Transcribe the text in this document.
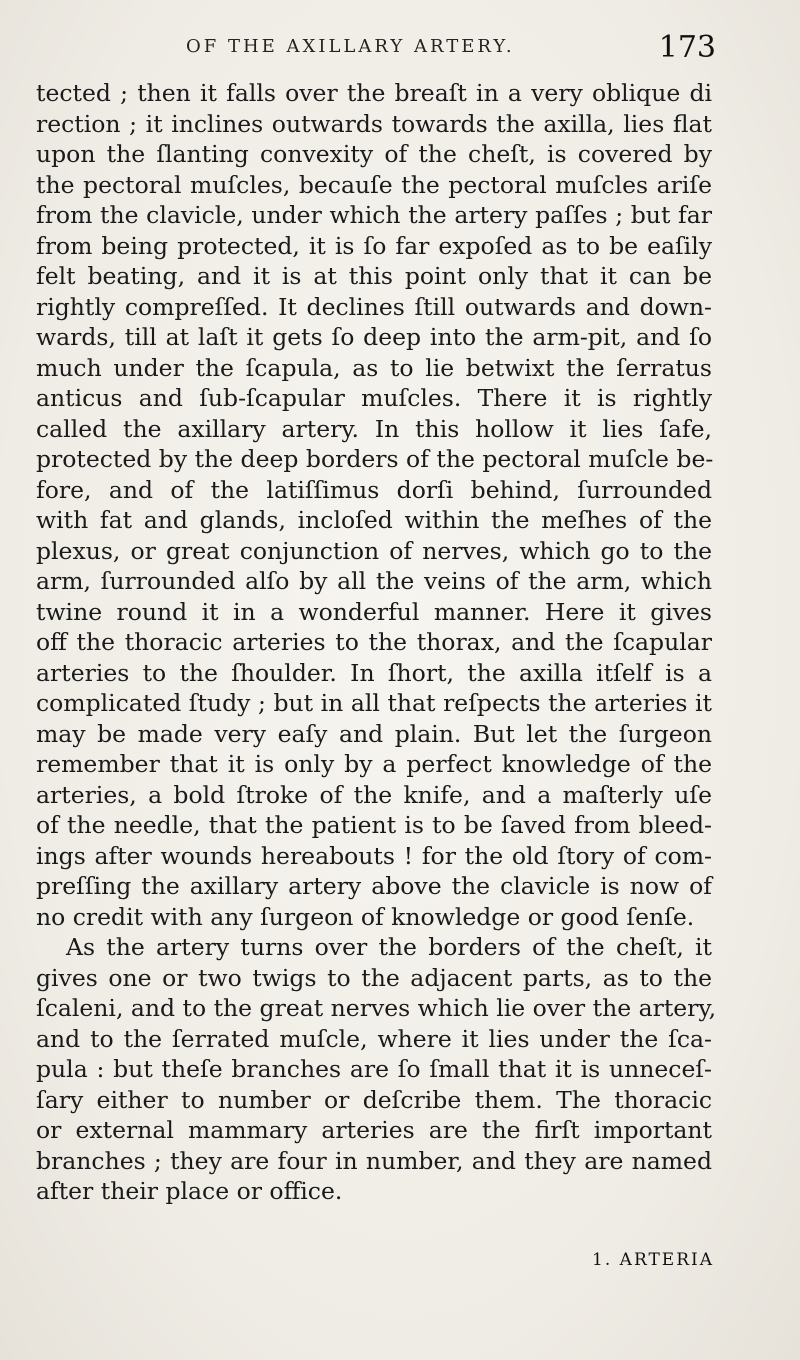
OF THE AXILLARY ARTERY.	173
tected ; then it falls over the breaſt in a very oblique di
rection ; it inclines outwards towards the axilla, lies flat
upon the ſlanting convexity of the cheſt, is covered by
the pectoral muſcles, becauſe the pectoral muſcles ariſe
from the clavicle, under which the artery paſſes ; but far
from being protected, it is ſo far expoſed as to be eaſily
felt beating, and it is at this point only that it can be
rightly compreſſed. It declines ſtill outwards and down-
wards, till at laſt it gets ſo deep into the arm-pit, and ſo
much under the ſcapula, as to lie betwixt the ſerratus
anticus and ſub-ſcapular muſcles. There it is rightly
called the axillary artery. In this hollow it lies ſafe,
protected by the deep borders of the pectoral muſcle be-
fore, and of the latiſſimus dorſi behind, ſurrounded
with fat and glands, incloſed within the meſhes of the
plexus, or great conjunction of nerves, which go to the
arm, ſurrounded alſo by all the veins of the arm, which
twine round it in a wonderful manner. Here it gives
off the thoracic arteries to the thorax, and the ſcapular
arteries to the ſhoulder. In ſhort, the axilla itſelf is a
complicated ſtudy ; but in all that reſpects the arteries it
may be made very eaſy and plain. But let the ſurgeon
remember that it is only by a perfect knowledge of the
arteries, a bold ſtroke of the knife, and a maſterly uſe
of the needle, that the patient is to be ſaved from bleed-
ings after wounds hereabouts ! for the old ſtory of com-
preſſing the axillary artery above the clavicle is now of
no credit with any ſurgeon of knowledge or good ſenſe.
As the artery turns over the borders of the cheſt, it
gives one or two twigs to the adjacent parts, as to the
ſcaleni, and to the great nerves which lie over the artery,
and to the ſerrated muſcle, where it lies under the ſca-
pula : but theſe branches are ſo ſmall that it is unneceſ-
ſary either to number or deſcribe them. The thoracic
or external mammary arteries are the firſt important
branches ; they are four in number, and they are named
after their place or office.
1. ARTERIA
